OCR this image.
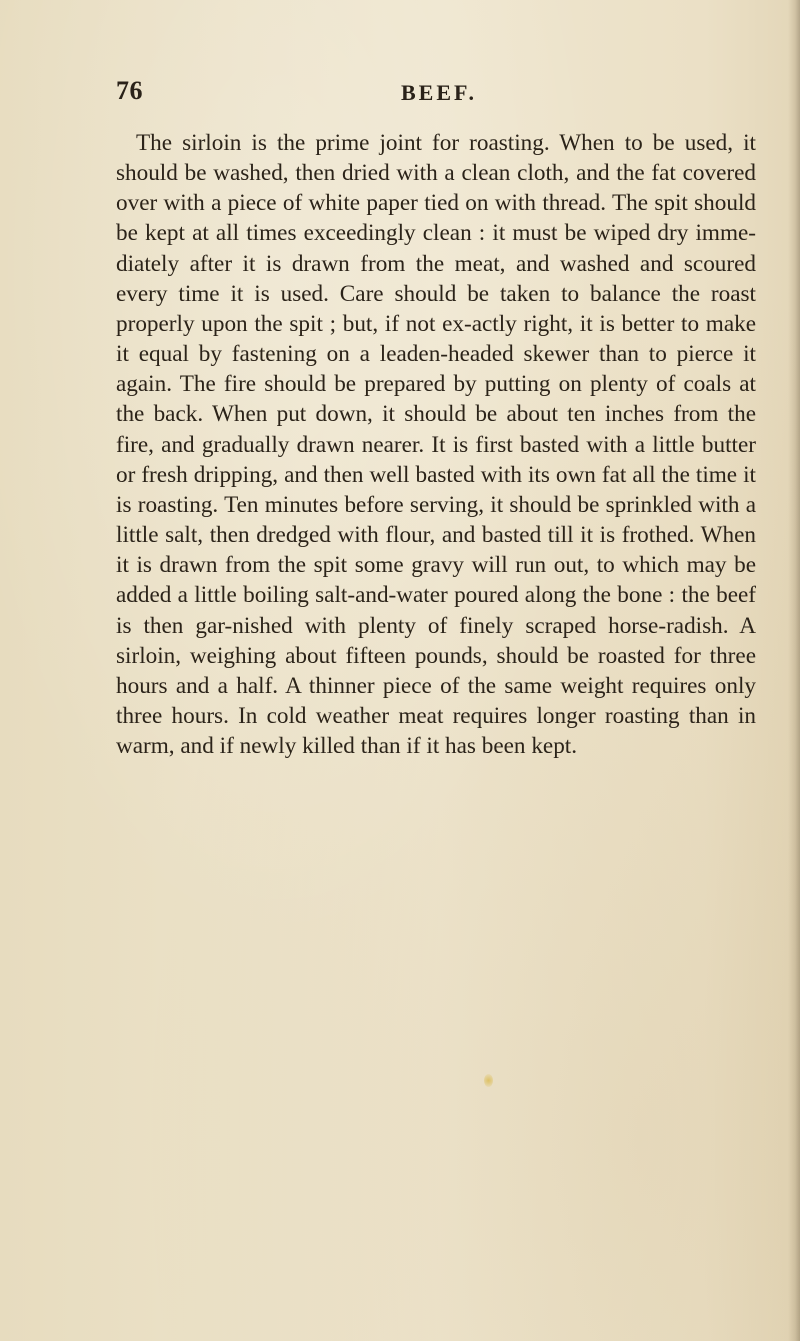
76	BEEF.

The sirloin is the prime joint for roasting. When to be used, it should be washed, then dried with a clean cloth, and the fat covered over with a piece of white paper tied on with thread. The spit should be kept at all times exceedingly clean : it must be wiped dry imme-diately after it is drawn from the meat, and washed and scoured every time it is used. Care should be taken to balance the roast properly upon the spit ; but, if not ex-actly right, it is better to make it equal by fastening on a leaden-headed skewer than to pierce it again. The fire should be prepared by putting on plenty of coals at the back. When put down, it should be about ten inches from the fire, and gradually drawn nearer. It is first basted with a little butter or fresh dripping, and then well basted with its own fat all the time it is roasting. Ten minutes before serving, it should be sprinkled with a little salt, then dredged with flour, and basted till it is frothed. When it is drawn from the spit some gravy will run out, to which may be added a little boiling salt-and-water poured along the bone : the beef is then gar-nished with plenty of finely scraped horse-radish. A sirloin, weighing about fifteen pounds, should be roasted for three hours and a half. A thinner piece of the same weight requires only three hours. In cold weather meat requires longer roasting than in warm, and if newly killed than if it has been kept.
